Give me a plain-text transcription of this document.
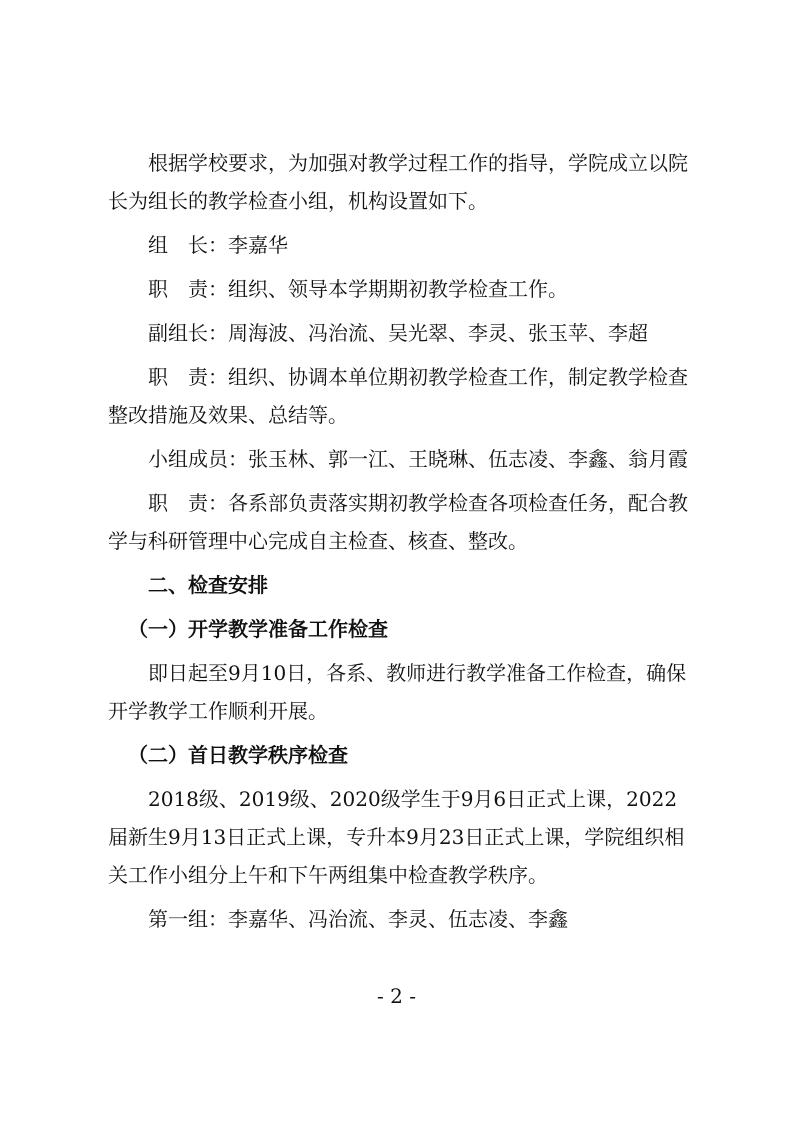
根据学校要求，为加强对教学过程工作的指导，学院成立以院长为组长的教学检查小组，机构设置如下。

组　长：李嘉华

职　责：组织、领导本学期期初教学检查工作。

副组长：周海波、冯治流、吴光翠、李灵、张玉苹、李超

职　责：组织、协调本单位期初教学检查工作，制定教学检查整改措施及效果、总结等。

小组成员：张玉林、郭一江、王晓琳、伍志凌、李鑫、翁月霞

职　责：各系部负责落实期初教学检查各项检查任务，配合教学与科研管理中心完成自主检查、核查、整改。

二、检查安排

（一）开学教学准备工作检查

即日起至9月10日，各系、教师进行教学准备工作检查，确保开学教学工作顺利开展。

（二）首日教学秩序检查

2018级、2019级、2020级学生于9月6日正式上课，2022届新生9月13日正式上课，专升本9月23日正式上课，学院组织相关工作小组分上午和下午两组集中检查教学秩序。

第一组：李嘉华、冯治流、李灵、伍志凌、李鑫

- 2 -
